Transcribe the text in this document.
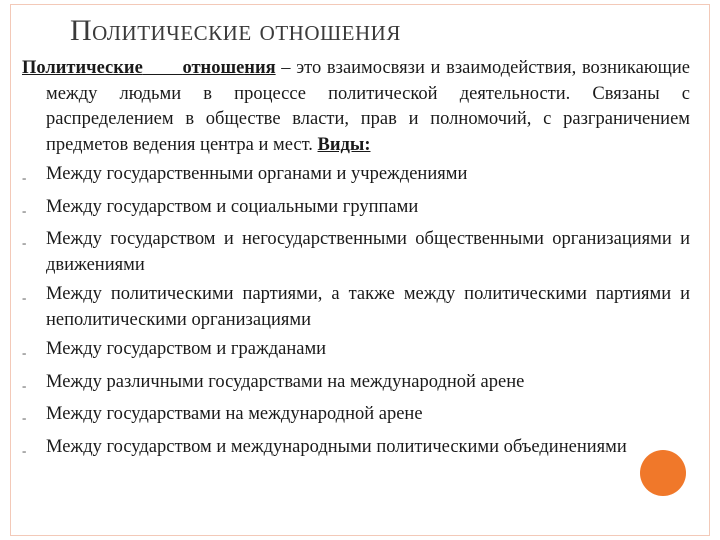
Политические отношения
Политические отношения – это взаимосвязи и взаимодействия, возникающие между людьми в процессе политической деятельности. Связаны с распределением в обществе власти, прав и полномочий, с разграничением предметов ведения центра и мест. Виды:
-	Между государственными органами и учреждениями
-	Между государством и социальными группами
-	Между государством и негосударственными общественными организациями и движениями
-	Между политическими партиями, а также между политическими партиями и неполитическими организациями
-	Между государством и гражданами
-	Между различными государствами на международной арене
-	Между государствами на международной арене
-	Между государством и международными политическими объединениями
